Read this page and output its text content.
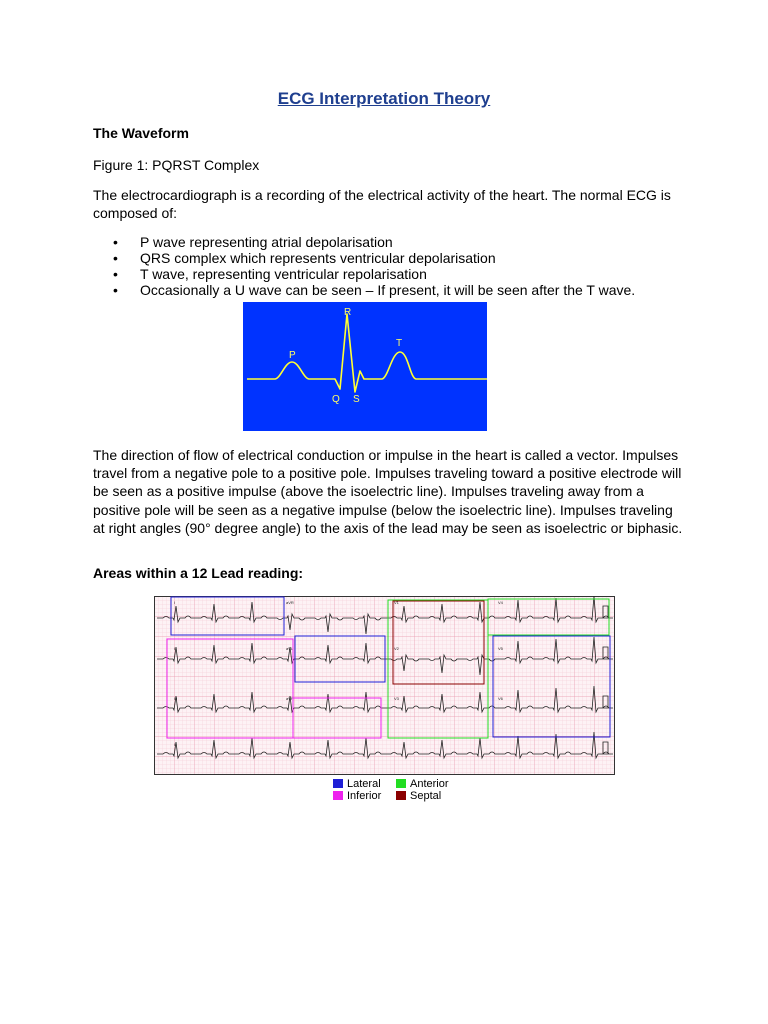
ECG Interpretation Theory
The Waveform
Figure 1: PQRST Complex
The electrocardiograph is a recording of the electrical activity of the heart. The normal ECG is composed of:
• P wave representing atrial depolarisation
• QRS complex which represents ventricular depolarisation
• T wave, representing ventricular repolarisation
• Occasionally a U wave can be seen – If present, it will be seen after the T wave.
R
P
T
Q S
The direction of flow of electrical conduction or impulse in the heart is called a vector. Impulses travel from a negative pole to a positive pole. Impulses traveling toward a positive electrode will be seen as a positive impulse (above the isoelectric line). Impulses traveling away from a positive pole will be seen as a negative impulse (below the isoelectric line). Impulses traveling at right angles (90° degree angle) to the axis of the lead may be seen as isoelectric or biphasic.
Areas within a 12 Lead reading:
I	aVR	V1	V4
II	aVL	V2	V5
III	aVF	V3	V6
II
Lateral	Anterior
Inferior	Septal
